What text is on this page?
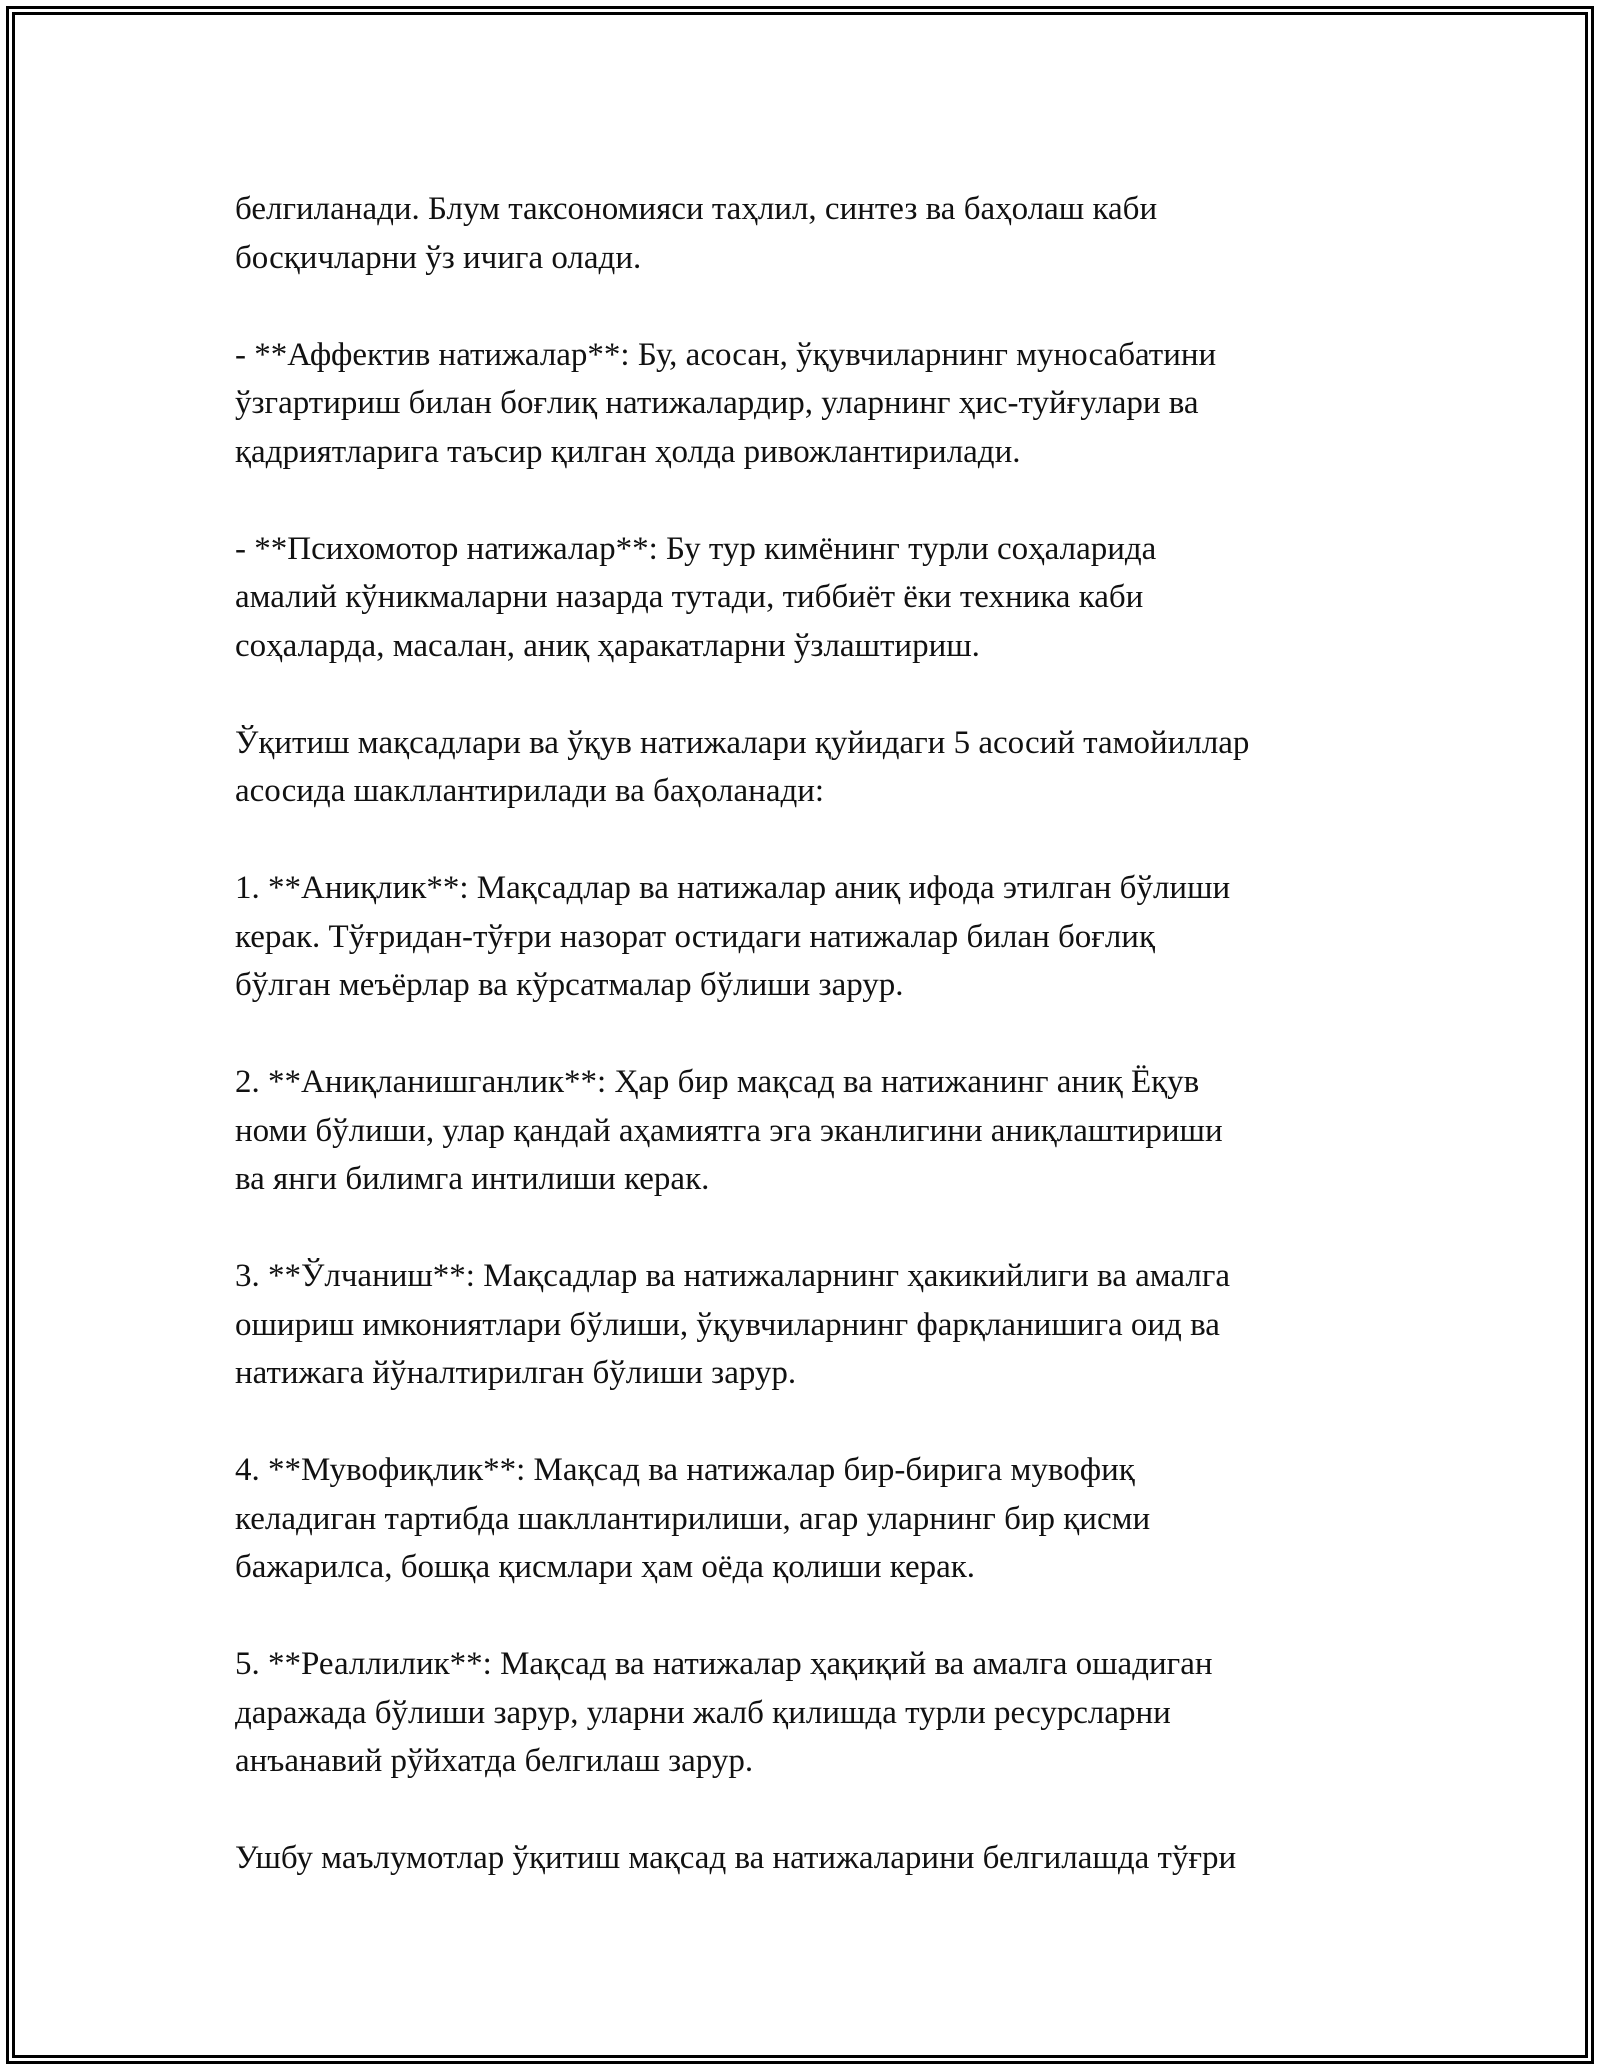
белгиланади. Блум таксономияси таҳлил, синтез ва баҳолаш каби
босқичларни ўз ичига олади.

- **Аффектив натижалар**: Бу, асосан, ўқувчиларнинг муносабатини
ўзгартириш билан боғлиқ натижалардир, уларнинг ҳис-туйғулари ва
қадриятларига таъсир қилган ҳолда ривожлантирилади.

- **Психомотор натижалар**: Бу тур кимёнинг турли соҳаларида
амалий кўникмаларни назарда тутади, тиббиёт ёки техника каби
соҳаларда, масалан, аниқ ҳаракатларни ўзлаштириш.

Ўқитиш мақсадлари ва ўқув натижалари қуйидаги 5 асосий тамойиллар
асосида шакллантирилади ва баҳоланади:

1. **Аниқлик**: Мақсадлар ва натижалар аниқ ифода этилган бўлиши
керак. Тўғридан-тўғри назорат остидаги натижалар билан боғлиқ
бўлган меъёрлар ва кўрсатмалар бўлиши зарур.

2. **Аниқланишганлик**: Ҳар бир мақсад ва натижанинг аниқ Ёқув
номи бўлиши, улар қандай аҳамиятга эга эканлигини аниқлаштириши
ва янги билимга интилиши керак.

3. **Ўлчаниш**: Мақсадлар ва натижаларнинг ҳакикийлиги ва амалга
ошириш имкониятлари бўлиши, ўқувчиларнинг фарқланишига оид ва
натижага йўналтирилган бўлиши зарур.

4. **Мувофиқлик**: Мақсад ва натижалар бир-бирига мувофиқ
келадиган тартибда шакллантирилиши, агар уларнинг бир қисми
бажарилса, бошқа қисмлари ҳам оёда қолиши керак.

5. **Реаллилик**: Мақсад ва натижалар ҳақиқий ва амалга ошадиган
даражада бўлиши зарур, уларни жалб қилишда турли ресурсларни
анъанавий рўйхатда белгилаш зарур.

Ушбу маълумотлар ўқитиш мақсад ва натижаларини белгилашда тўғри
